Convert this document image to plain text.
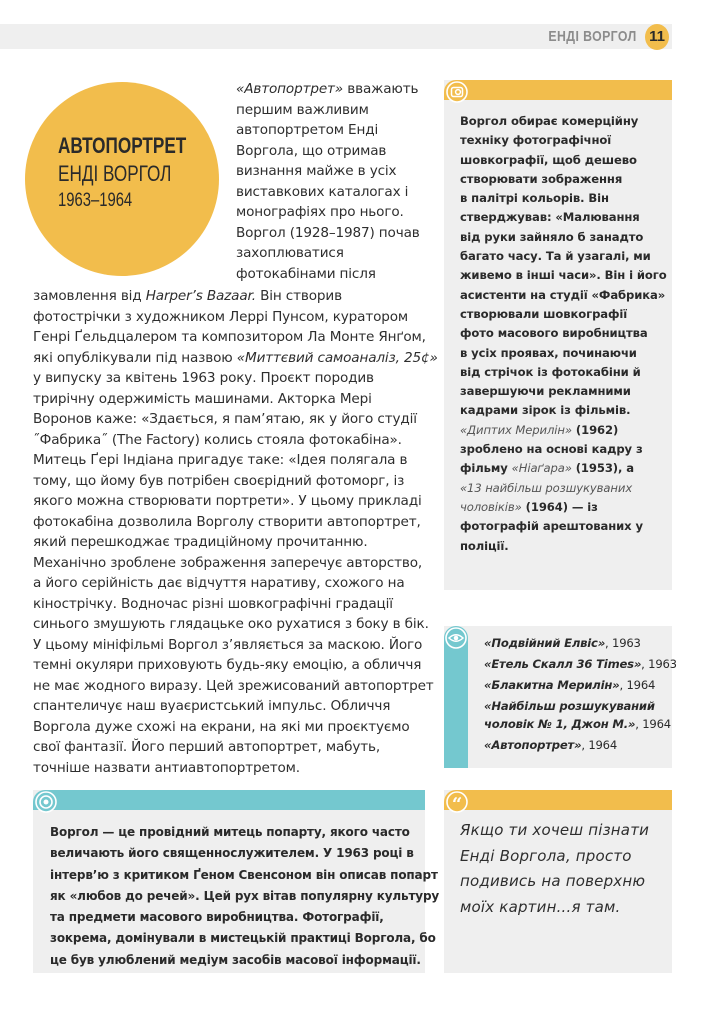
ЕНДІ ВОРГОЛ 11
АВТОПОРТРЕТ
ЕНДІ ВОРГОЛ
1963–1964
«Автопортрет» вважають
першим важливим
автопортретом Енді
Воргола, що отримав
визнання майже в усіх
виставкових каталогах і
монографіях про нього.
Воргол (1928–1987) почав
захоплюватися
фотокабінами після
замовлення від Harper’s Bazaar. Він створив
фотострічки з художником Леррі Пунсом, куратором
Генрі Ґельдцалером та композитором Ла Монте Янґом,
які опублікували під назвою «Миттєвий самоаналіз, 25¢»
у випуску за квітень 1963 року. Проєкт породив
трирічну одержимість машинами. Акторка Мері
Воронов каже: «Здається, я пам’ятаю, як у його студії
˝Фабрика˝ (The Factory) колись стояла фотокабіна».
Митець Ґері Індіана пригадує таке: «Ідея полягала в
тому, що йому був потрібен своєрідний фотоморг, із
якого можна створювати портрети». У цьому прикладі
фотокабіна дозволила Ворголу створити автопортрет,
який перешкоджає традиційному прочитанню.
Механічно зроблене зображення заперечує авторство,
а його серійність дає відчуття наративу, схожого на
кінострічку. Водночас різні шовкографічні градації
синього змушують глядацьке око рухатися з боку в бік.
У цьому мініфільмі Воргол з’являється за маскою. Його
темні окуляри приховують будь-яку емоцію, а обличчя
не має жодного виразу. Цей зрежисований автопортрет
спантеличує наш вуаєристський імпульс. Обличчя
Воргола дуже схожі на екрани, на які ми проєктуємо
свої фантазії. Його перший автопортрет, мабуть,
точніше назвати антиавтопортретом.
Воргол обирає комерційну
техніку фотографічної
шовкографії, щоб дешево
створювати зображення
в палітрі кольорів. Він
стверджував: «Малювання
від руки зайняло б занадто
багато часу. Та й узагалі, ми
живемо в інші часи». Він і його
асистенти на студії «Фабрика»
створювали шовкографії
фото масового виробництва
в усіх проявах, починаючи
від стрічок із фотокабіни й
завершуючи рекламними
кадрами зірок із фільмів.
«Диптих Мерилін» (1962)
зроблено на основі кадру з
фільму «Ніаґара» (1953), а
«13 найбільш розшукуваних
чоловіків» (1964) — із
фотографій арештованих у
поліції.
«Подвійний Елвіс», 1963
«Етель Скалл 36 Times», 1963
«Блакитна Мерилін», 1964
«Найбільш розшукуваний
чоловік № 1, Джон М.», 1964
«Автопортрет», 1964
Воргол — це провідний митець попарту, якого часто
величають його священнослужителем. У 1963 році в
інтерв’ю з критиком Ґеном Свенсоном він описав попарт
як «любов до речей». Цей рух вітав популярну культуру
та предмети масового виробництва. Фотографії,
зокрема, домінували в мистецькій практиці Воргола, бо
це був улюблений медіум засобів масової інформації.
“
Якщо ти хочеш пізнати
Енді Воргола, просто
подивись на поверхню
моїх картин...я там.
